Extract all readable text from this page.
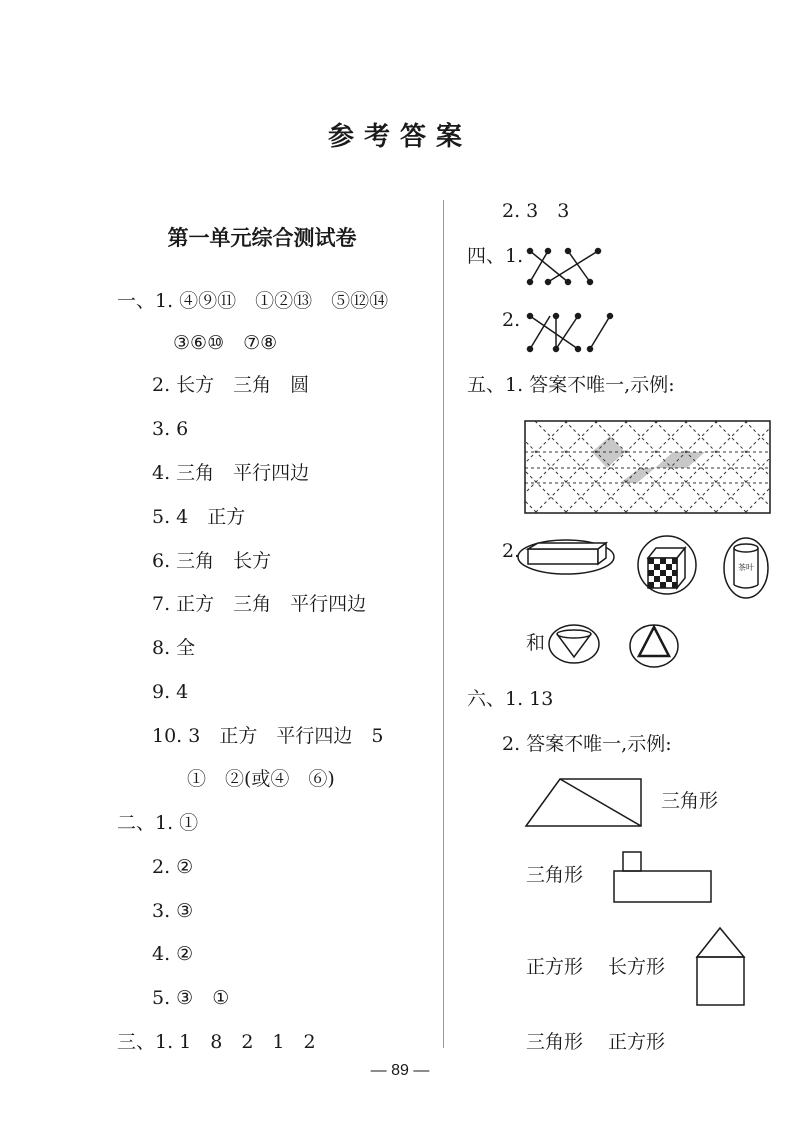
参考答案
第一单元综合测试卷
一、1. ④⑨⑪　①②⑬　⑤⑫⑭
③⑥⑩　⑦⑧
2. 长方　三角　圆
3. 6
4. 三角　平行四边
5. 4　正方
6. 三角　长方
7. 正方　三角　平行四边
8. 全
9. 4
10. 3　正方　平行四边　5
①　②(或④　⑥)
二、1. ①
2. ②
3. ③
4. ②
5. ③　①
三、1. 1　8　2　1　2
2. 3　3
四、1.
2.
五、1. 答案不唯一,示例:
2.
和
六、1. 13
2. 答案不唯一,示例:
三角形
三角形
正方形 长方形
三角形 正方形
— 89 —
茶叶
